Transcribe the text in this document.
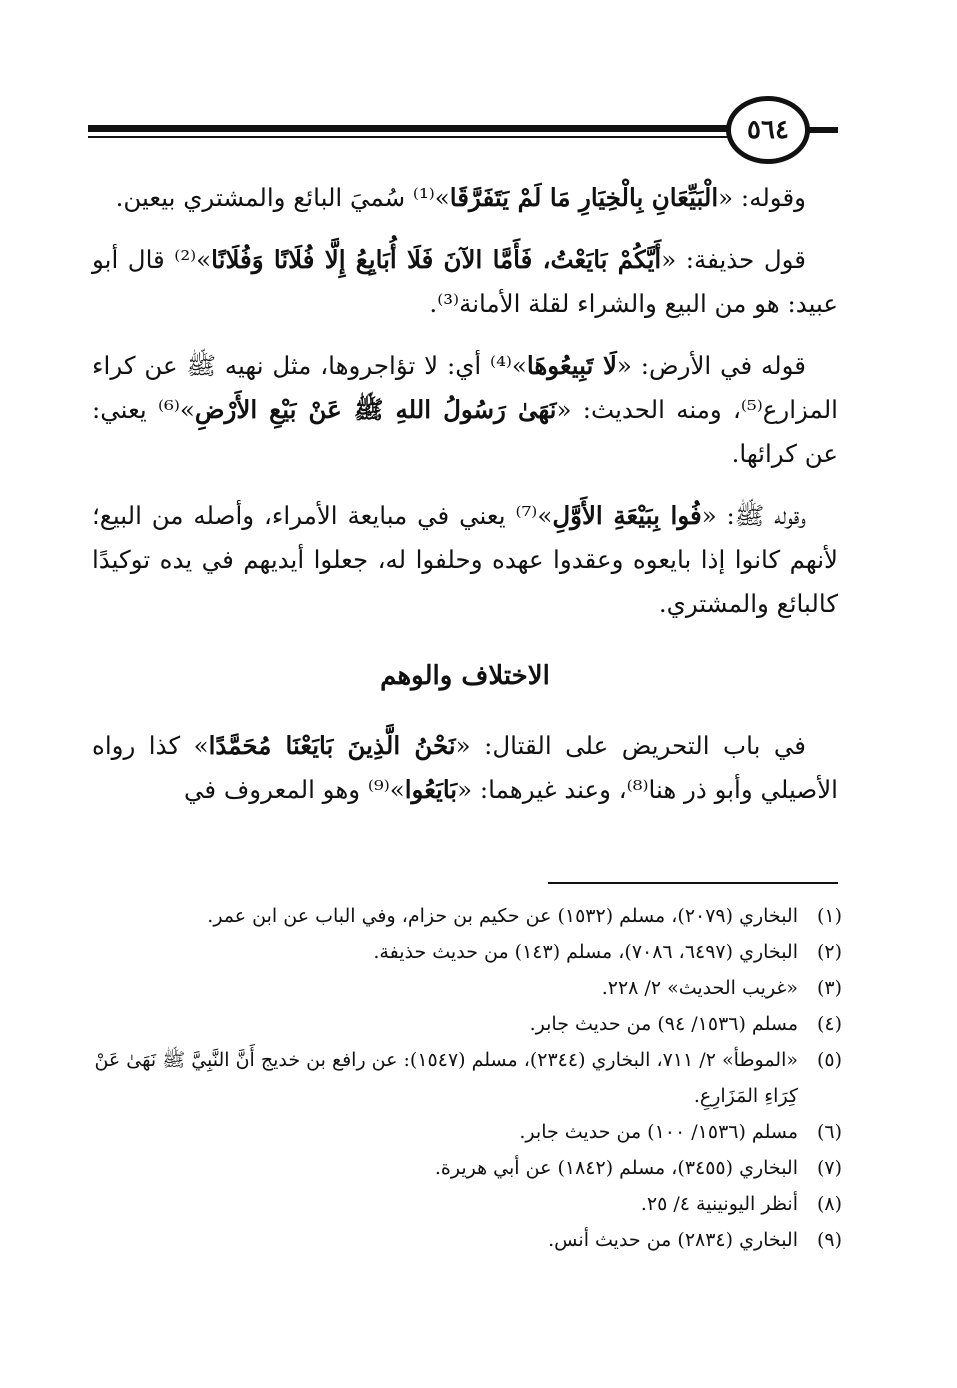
٥٦٤

وقوله: «الْبَيِّعَانِ بِالْخِيَارِ مَا لَمْ يَتَفَرَّقَا»⁽¹⁾ سُميَ البائع والمشتري بيعين.

قول حذيفة: «أَيَّكُمْ بَايَعْتُ، فَأَمَّا الآنَ فَلَا أُبَايِعُ إِلَّا فُلَانًا وَفُلَانًا»⁽²⁾ قال أبو عبيد: هو من البيع والشراء لقلة الأمانة⁽³⁾.

قوله في الأرض: «لَا تَبِيعُوهَا»⁽⁴⁾ أي: لا تؤاجروها، مثل نهيه ﷺ عن كراء المزارع⁽⁵⁾، ومنه الحديث: «نَهَىٰ رَسُولُ اللهِ ﷺ عَنْ بَيْعِ الأَرْضِ»⁽⁶⁾ يعني: عن كرائها.

وقوله ﷺ: «فُوا بِبَيْعَةِ الأَوَّلِ»⁽⁷⁾ يعني في مبايعة الأمراء، وأصله من البيع؛ لأنهم كانوا إذا بايعوه وعقدوا عهده وحلفوا له، جعلوا أيديهم في يده توكيدًا كالبائع والمشتري.

الاختلاف والوهم

في باب التحريض على القتال: «نَحْنُ الَّذِينَ بَايَعْنَا مُحَمَّدًا» كذا رواه الأصيلي وأبو ذر هنا⁽⁸⁾، وعند غيرهما: «بَايَعُوا»⁽⁹⁾ وهو المعروف في

(١)
البخاري (٢٠٧٩)، مسلم (١٥٣٢) عن حكيم بن حزام، وفي الباب عن ابن عمر.

(٢)
البخاري (٦٤٩٧، ٧٠٨٦)، مسلم (١٤٣) من حديث حذيفة.

(٣)
«غريب الحديث» ٢/ ٢٢٨.

(٤)
مسلم (١٥٣٦/ ٩٤) من حديث جابر.

(٥)
«الموطأ» ٢/ ٧١١، البخاري (٢٣٤٤)، مسلم (١٥٤٧): عن رافع بن خديج أَنَّ النَّبِيَّ ﷺ نَهَىٰ عَنْ كِرَاءِ المَزَارِعِ.

(٦)
مسلم (١٥٣٦/ ١٠٠) من حديث جابر.

(٧)
البخاري (٣٤٥٥)، مسلم (١٨٤٢) عن أبي هريرة.

(٨)
أنظر اليونينية ٤/ ٢٥.

(٩)
البخاري (٢٨٣٤) من حديث أنس.
